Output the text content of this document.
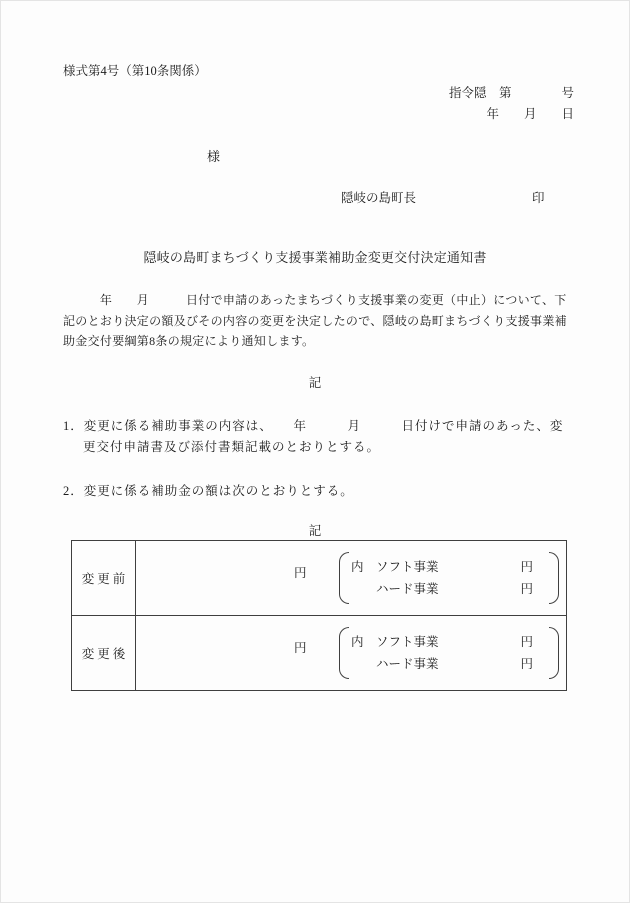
様式第4号（第10条関係）
指令隠　第　　　　号
年　　月　　日
様
隠岐の島町長	印
隠岐の島町まちづくり支援事業補助金変更交付決定通知書
　　　年　　月　　　日付で申請のあったまちづくり支援事業の変更（中止）について、下
記のとおり決定の額及びその内容の変更を決定したので、隠岐の島町まちづくり支援事業補
助金交付要綱第8条の規定により通知します。
記
1．変更に係る補助事業の内容は、　　年　　　月　　　日付けで申請のあった、変
更交付申請書及び添付書類記載のとおりとする。
2．変更に係る補助金の額は次のとおりとする。
記
変更前	円	内 ソフト事業	円
ハード事業	円
変更後	円	内 ソフト事業	円
ハード事業	円
